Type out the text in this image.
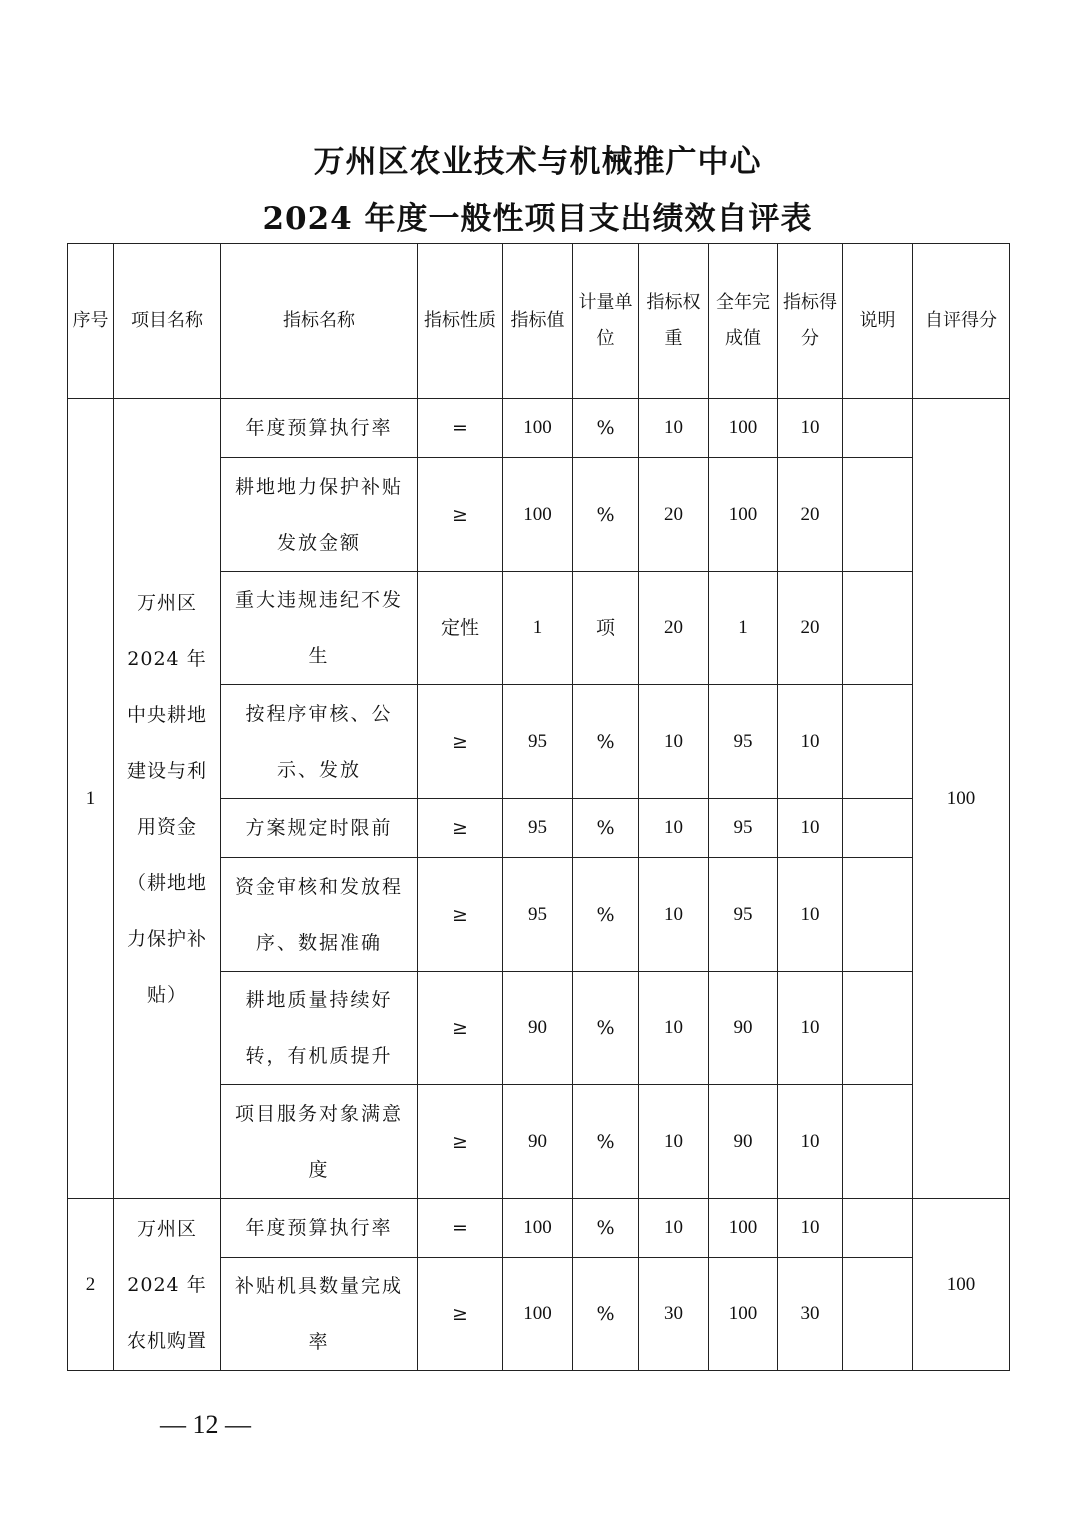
万州区农业技术与机械推广中心
2024 年度一般性项目支出绩效自评表
序号	项目名称	指标名称	指标性质	指标值	计量单位	指标权重	全年完成值	指标得分	说明	自评得分
1	万州区 2024 年中央耕地建设与利用资金（耕地地力保护补贴）	年度预算执行率	=	100	%	10	100	10		100
		耕地地力保护补贴发放金额	≥	100	%	20	100	20		
		重大违规违纪不发生	定性	1	项	20	1	20		
		按程序审核、公示、发放	≥	95	%	10	95	10		
		方案规定时限前	≥	95	%	10	95	10		
		资金审核和发放程序、数据准确	≥	95	%	10	95	10		
		耕地质量持续好转，有机质提升	≥	90	%	10	90	10		
		项目服务对象满意度	≥	90	%	10	90	10		
2	万州区 2024 年农机购置	年度预算执行率	=	100	%	10	100	10		100
		补贴机具数量完成率	≥	100	%	30	100	30		
— 12 —
